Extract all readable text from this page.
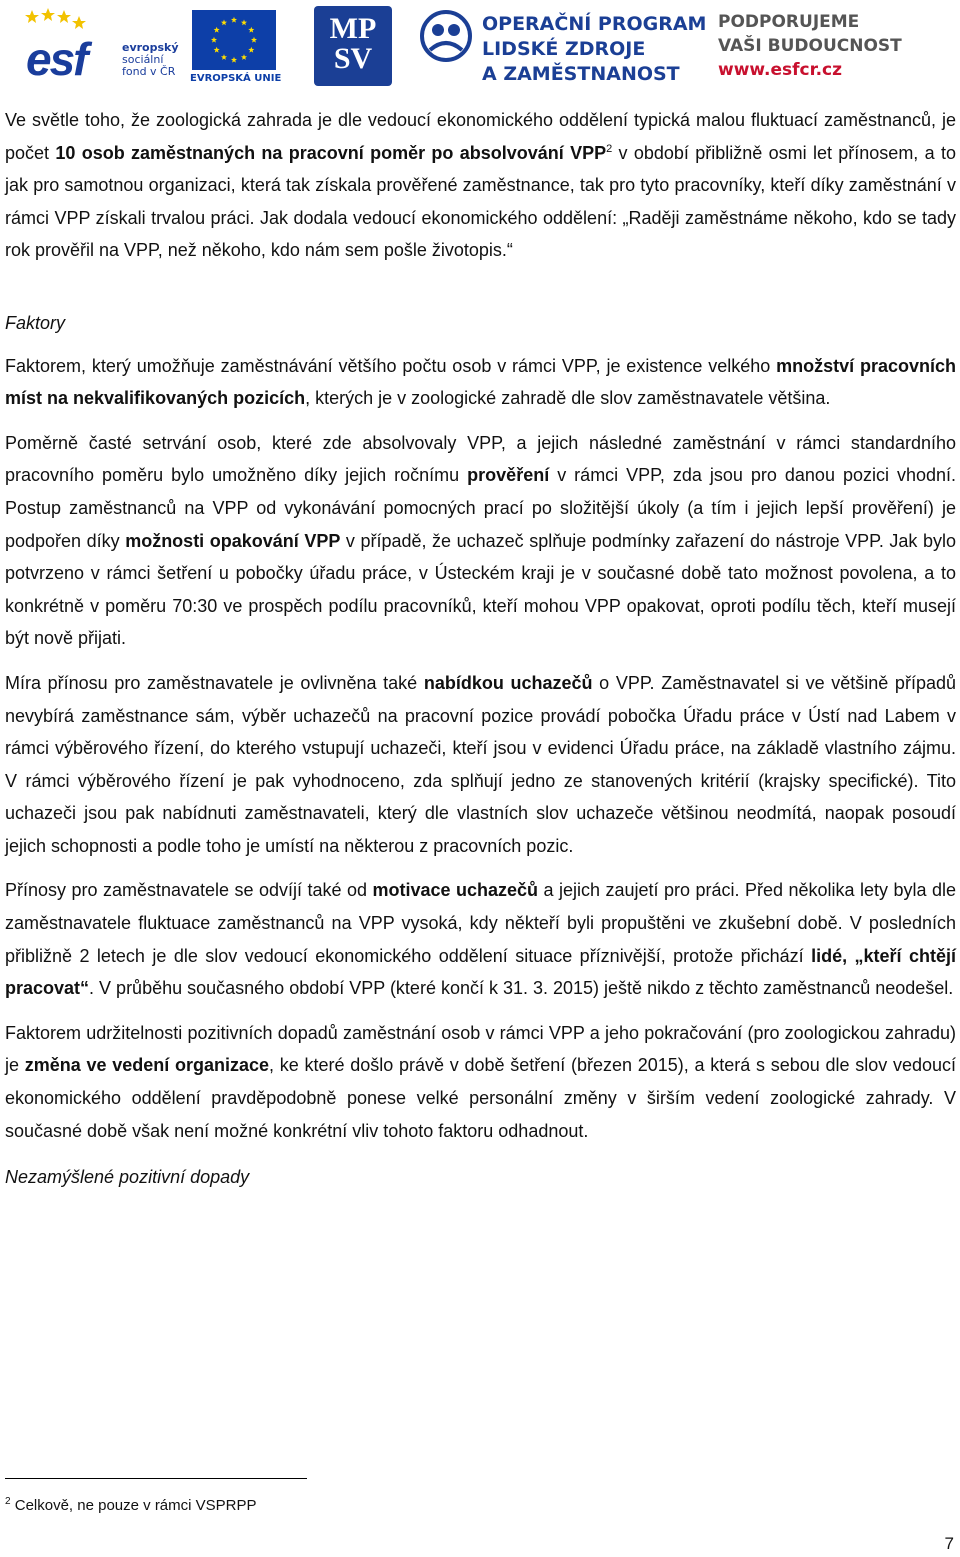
esf	evropský
sociální
fond v ČR
EVROPSKÁ UNIE
MP
SV
OPERAČNÍ PROGRAM
LIDSKÉ ZDROJE
A ZAMĚSTNANOST
PODPORUJEME
VAŠI BUDOUCNOST
www.esfcr.cz

Ve světle toho, že zoologická zahrada je dle vedoucí ekonomického oddělení typická malou fluktuací zaměstnanců, je počet 10 osob zaměstnaných na pracovní poměr po absolvování VPP$^2$ v období přibližně osmi let přínosem, a to jak pro samotnou organizaci, která tak získala prověřené zaměstnance, tak pro tyto pracovníky, kteří díky zaměstnání v rámci VPP získali trvalou práci. Jak dodala vedoucí ekonomického oddělení: „Raději zaměstnáme někoho, kdo se tady rok prověřil na VPP, než někoho, kdo nám sem pošle životopis.“

Faktory

Faktorem, který umožňuje zaměstnávání většího počtu osob v rámci VPP, je existence velkého množství pracovních míst na nekvalifikovaných pozicích, kterých je v zoologické zahradě dle slov zaměstnavatele většina.

Poměrně časté setrvání osob, které zde absolvovaly VPP, a jejich následné zaměstnání v rámci standardního pracovního poměru bylo umožněno díky jejich ročnímu prověření v rámci VPP, zda jsou pro danou pozici vhodní. Postup zaměstnanců na VPP od vykonávání pomocných prací po složitější úkoly (a tím i jejich lepší prověření) je podpořen díky možnosti opakování VPP v případě, že uchazeč splňuje podmínky zařazení do nástroje VPP. Jak bylo potvrzeno v rámci šetření u pobočky úřadu práce, v Ústeckém kraji je v současné době tato možnost povolena, a to konkrétně v poměru 70:30 ve prospěch podílu pracovníků, kteří mohou VPP opakovat, oproti podílu těch, kteří musejí být nově přijati.

Míra přínosu pro zaměstnavatele je ovlivněna také nabídkou uchazečů o VPP. Zaměstnavatel si ve většině případů nevybírá zaměstnance sám, výběr uchazečů na pracovní pozice provádí pobočka Úřadu práce v Ústí nad Labem v rámci výběrového řízení, do kterého vstupují uchazeči, kteří jsou v evidenci Úřadu práce, na základě vlastního zájmu. V rámci výběrového řízení je pak vyhodnoceno, zda splňují jedno ze stanovených kritérií (krajsky specifické). Tito uchazeči jsou pak nabídnuti zaměstnavateli, který dle vlastních slov uchazeče většinou neodmítá, naopak posoudí jejich schopnosti a podle toho je umístí na některou z pracovních pozic.

Přínosy pro zaměstnavatele se odvíjí také od motivace uchazečů a jejich zaujetí pro práci. Před několika lety byla dle zaměstnavatele fluktuace zaměstnanců na VPP vysoká, kdy někteří byli propuštěni ve zkušební době. V posledních přibližně 2 letech je dle slov vedoucí ekonomického oddělení situace příznivější, protože přichází lidé, „kteří chtějí pracovat“. V průběhu současného období VPP (které končí k 31. 3. 2015) ještě nikdo z těchto zaměstnanců neodešel.

Faktorem udržitelnosti pozitivních dopadů zaměstnání osob v rámci VPP a jeho pokračování (pro zoologickou zahradu) je změna ve vedení organizace, ke které došlo právě v době šetření (březen 2015), a která s sebou dle slov vedoucí ekonomického oddělení pravděpodobně ponese velké personální změny v širším vedení zoologické zahrady. V současné době však není možné konkrétní vliv tohoto faktoru odhadnout.

Nezamýšlené pozitivní dopady

$^2$ Celkově, ne pouze v rámci VSPRPP
7
